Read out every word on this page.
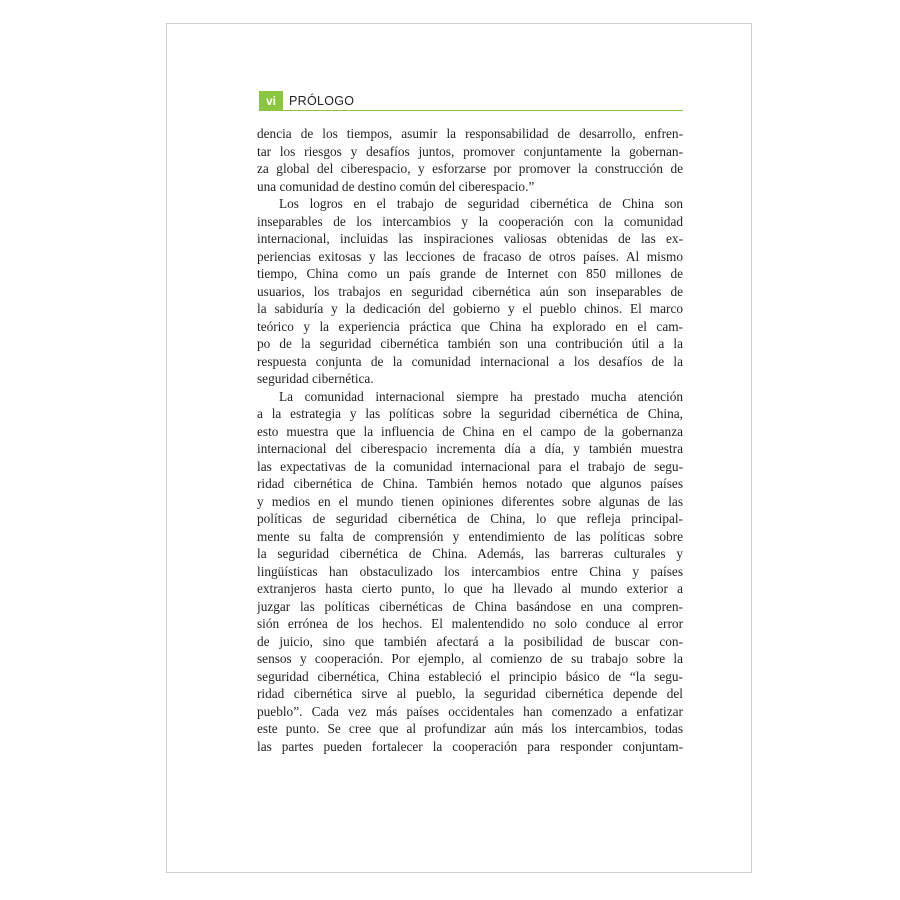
vi	PRÓLOGO
dencia de los tiempos, asumir la responsabilidad de desarrollo, enfren-
tar los riesgos y desafíos juntos, promover conjuntamente la gobernan-
za global del ciberespacio, y esforzarse por promover la construcción de
una comunidad de destino común del ciberespacio.”
Los logros en el trabajo de seguridad cibernética de China son
inseparables de los intercambios y la cooperación con la comunidad
internacional, incluidas las inspiraciones valiosas obtenidas de las ex-
periencias exitosas y las lecciones de fracaso de otros países. Al mismo
tiempo, China como un país grande de Internet con 850 millones de
usuarios, los trabajos en seguridad cibernética aún son inseparables de
la sabiduría y la dedicación del gobierno y el pueblo chinos. El marco
teórico y la experiencia práctica que China ha explorado en el cam-
po de la seguridad cibernética también son una contribución útil a la
respuesta conjunta de la comunidad internacional a los desafíos de la
seguridad cibernética.
La comunidad internacional siempre ha prestado mucha atención
a la estrategia y las políticas sobre la seguridad cibernética de China,
esto muestra que la influencia de China en el campo de la gobernanza
internacional del ciberespacio incrementa día a día, y también muestra
las expectativas de la comunidad internacional para el trabajo de segu-
ridad cibernética de China. También hemos notado que algunos países
y medios en el mundo tienen opiniones diferentes sobre algunas de las
políticas de seguridad cibernética de China, lo que refleja principal-
mente su falta de comprensión y entendimiento de las políticas sobre
la seguridad cibernética de China. Además, las barreras culturales y
lingüísticas han obstaculizado los intercambios entre China y países
extranjeros hasta cierto punto, lo que ha llevado al mundo exterior a
juzgar las políticas cibernéticas de China basándose en una compren-
sión errónea de los hechos. El malentendido no solo conduce al error
de juicio, sino que también afectará a la posibilidad de buscar con-
sensos y cooperación. Por ejemplo, al comienzo de su trabajo sobre la
seguridad cibernética, China estableció el principio básico de “la segu-
ridad cibernética sirve al pueblo, la seguridad cibernética depende del
pueblo”. Cada vez más países occidentales han comenzado a enfatizar
este punto. Se cree que al profundizar aún más los intercambios, todas
las partes pueden fortalecer la cooperación para responder conjuntam-
